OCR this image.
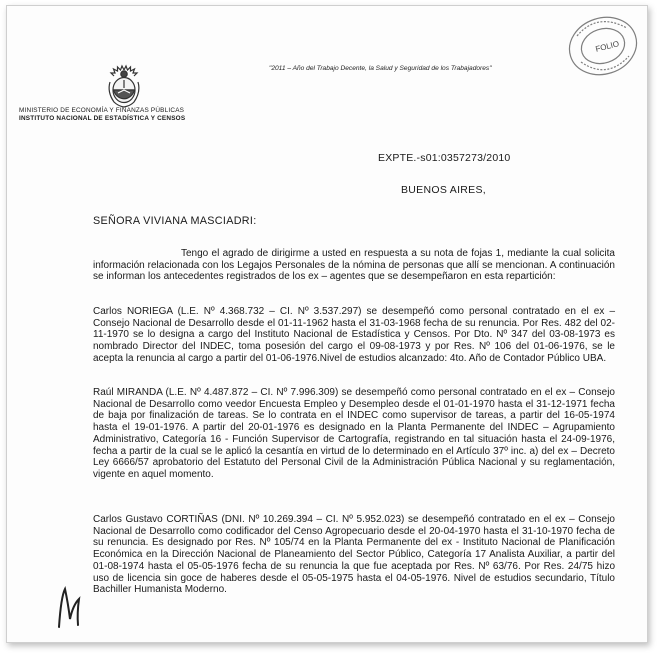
MINISTERIO DE ECONOMÍA Y FINANZAS PÚBLICAS
INSTITUTO NACIONAL DE ESTADÍSTICA Y CENSOS
"2011 – Año del Trabajo Decente, la Salud y Seguridad de los Trabajadores"
FOLIO
EXPTE.-s01:0357273/2010
BUENOS AIRES,
SEÑORA VIVIANA MASCIADRI:

Tengo el agrado de dirigirme a usted en respuesta a su nota de fojas 1, mediante la cual solicita información relacionada con los Legajos Personales de la nómina de personas que allí se mencionan. A continuación se informan los antecedentes registrados de los ex – agentes que se desempeñaron en esta repartición:

Carlos NORIEGA (L.E. Nº 4.368.732 – CI. Nº 3.537.297) se desempeñó como personal contratado en el ex – Consejo Nacional de Desarrollo desde el 01-11-1962 hasta el 31-03-1968 fecha de su renuncia. Por Res. 482 del 02-11-1970 se lo designa a cargo del Instituto Nacional de Estadística y Censos. Por Dto. Nº 347 del 03-08-1973 es nombrado Director del INDEC, toma posesión del cargo el 09-08-1973 y por Res. Nº 106 del 01-06-1976, se le acepta la renuncia al cargo a partir del 01-06-1976.Nivel de estudios alcanzado: 4to. Año de Contador Público UBA.

Raúl MIRANDA (L.E. Nº 4.487.872 – CI. Nº 7.996.309) se desempeñó como personal contratado en el ex – Consejo Nacional de Desarrollo como veedor Encuesta Empleo y Desempleo desde el 01-01-1970 hasta el 31-12-1971 fecha de baja por finalización de tareas. Se lo contrata en el INDEC como supervisor de tareas, a partir del 16-05-1974 hasta el 19-01-1976. A partir del 20-01-1976 es designado en la Planta Permanente del INDEC – Agrupamiento Administrativo, Categoría 16 - Función Supervisor de Cartografía, registrando en tal situación hasta el 24-09-1976, fecha a partir de la cual se le aplicó la cesantía en virtud de lo determinado en el Artículo 37º inc. a) del ex – Decreto Ley 6666/57 aprobatorio del Estatuto del Personal Civil de la Administración Pública Nacional y su reglamentación, vigente en aquel momento.

Carlos Gustavo CORTIÑAS (DNI. Nº 10.269.394 – CI. Nº 5.952.023) se desempeñó contratado en el ex – Consejo Nacional de Desarrollo como codificador del Censo Agropecuario desde el 20-04-1970 hasta el 31-10-1970 fecha de su renuncia. Es designado por Res. Nº 105/74 en la Planta Permanente del ex - Instituto Nacional de Planificación Económica en la Dirección Nacional de Planeamiento del Sector Público, Categoría 17 Analista Auxiliar, a partir del 01-08-1974 hasta el 05-05-1976 fecha de su renuncia la que fue aceptada por Res. Nº 63/76. Por Res. 24/75 hizo uso de licencia sin goce de haberes desde el 05-05-1975 hasta el 04-05-1976. Nivel de estudios secundario, Título Bachiller Humanista Moderno.
